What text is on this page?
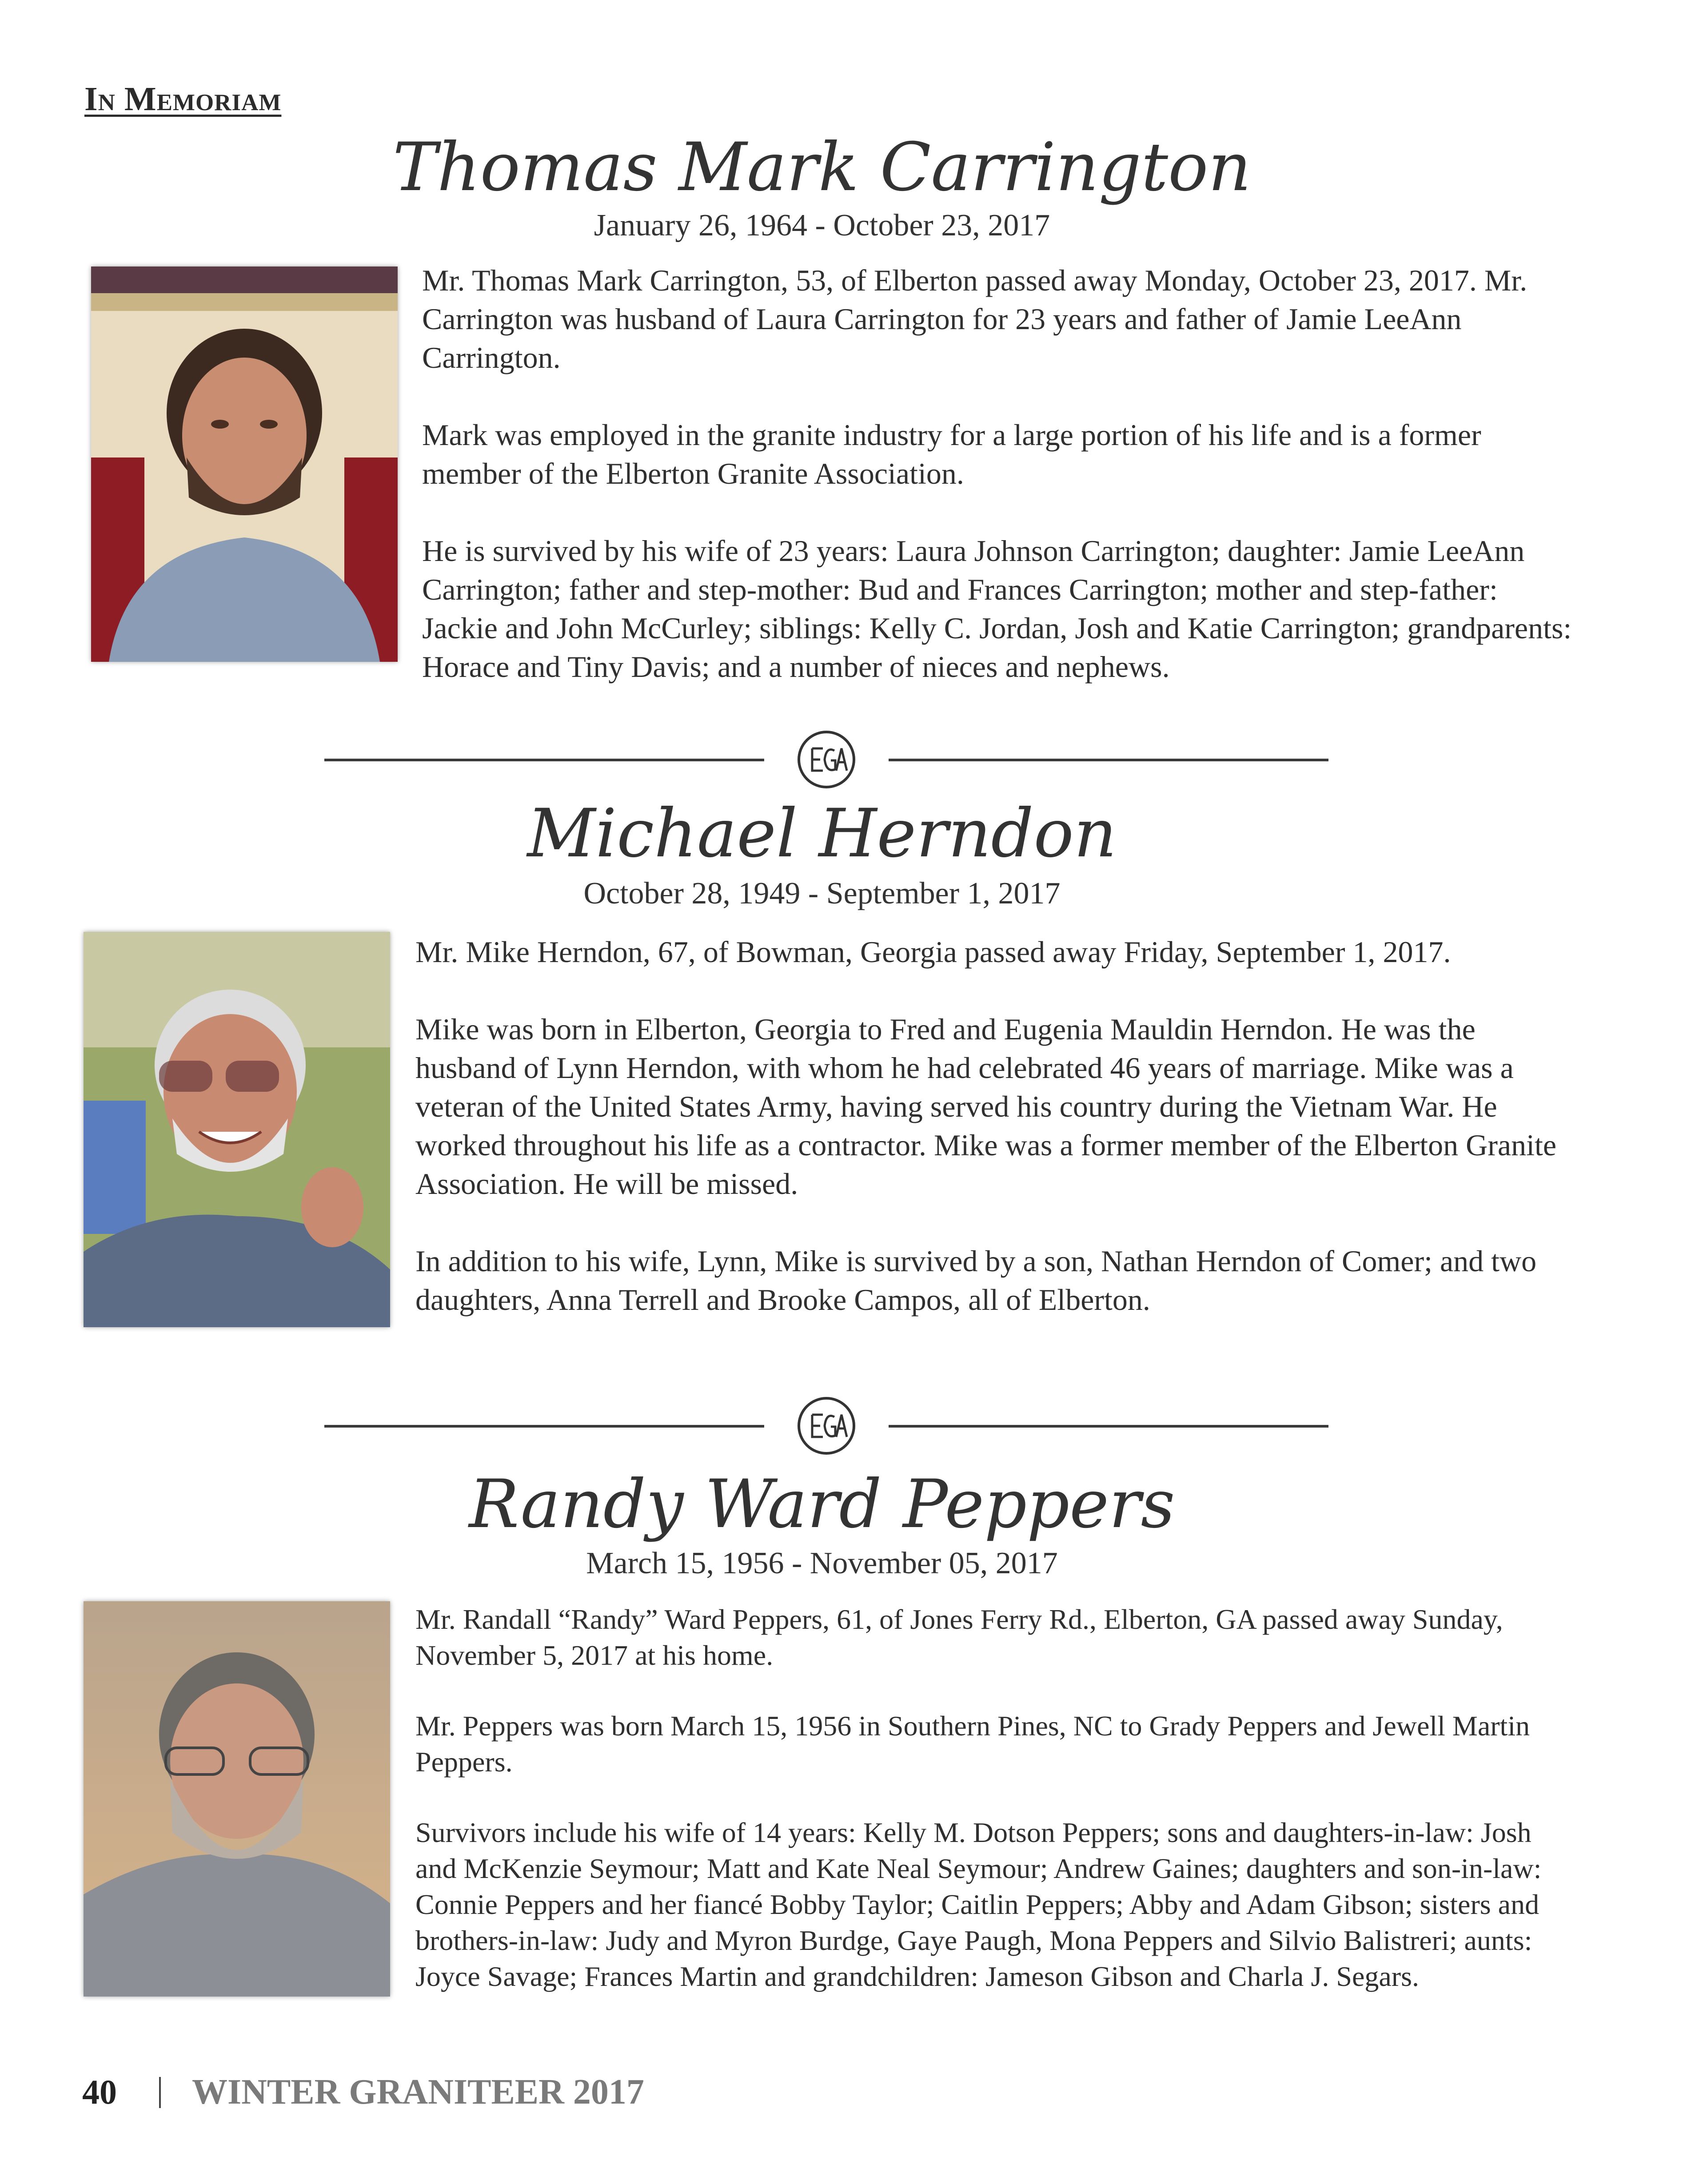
In Memoriam
Thomas Mark Carrington
January 26, 1964 - October 23, 2017

Mr. Thomas Mark Carrington, 53, of Elberton passed away Monday, October 23, 2017. Mr. Carrington was husband of Laura Carrington for 23 years and father of Jamie LeeAnn Carrington.

Mark was employed in the granite industry for a large portion of his life and is a former member of the Elberton Granite Association.

He is survived by his wife of 23 years: Laura Johnson Carrington; daughter: Jamie LeeAnn Carrington; father and step-mother: Bud and Frances Carrington; mother and step-father: Jackie and John McCurley; siblings: Kelly C. Jordan, Josh and Katie Carrington; grandparents: Horace and Tiny Davis; and a number of nieces and nephews.

Michael Herndon
October 28, 1949 - September 1, 2017

Mr. Mike Herndon, 67, of Bowman, Georgia passed away Friday, September 1, 2017.

Mike was born in Elberton, Georgia to Fred and Eugenia Mauldin Herndon. He was the husband of Lynn Herndon, with whom he had celebrated 46 years of marriage. Mike was a veteran of the United States Army, having served his country during the Vietnam War. He worked throughout his life as a contractor. Mike was a former member of the Elberton Granite Association. He will be missed.

In addition to his wife, Lynn, Mike is survived by a son, Nathan Herndon of Comer; and two daughters, Anna Terrell and Brooke Campos, all of Elberton.

Randy Ward Peppers
March 15, 1956 - November 05, 2017

Mr. Randall “Randy” Ward Peppers, 61, of Jones Ferry Rd., Elberton, GA passed away Sunday, November 5, 2017 at his home.

Mr. Peppers was born March 15, 1956 in Southern Pines, NC to Grady Peppers and Jewell Martin Peppers.

Survivors include his wife of 14 years: Kelly M. Dotson Peppers; sons and daughters-in-law: Josh and McKenzie Seymour; Matt and Kate Neal Seymour; Andrew Gaines; daughters and son-in-law: Connie Peppers and her fiancé Bobby Taylor; Caitlin Peppers; Abby and Adam Gibson; sisters and brothers-in-law: Judy and Myron Burdge, Gaye Paugh, Mona Peppers and Silvio Balistreri; aunts: Joyce Savage; Frances Martin and grandchildren: Jameson Gibson and Charla J. Segars.

40 WINTER GRANITEER 2017
